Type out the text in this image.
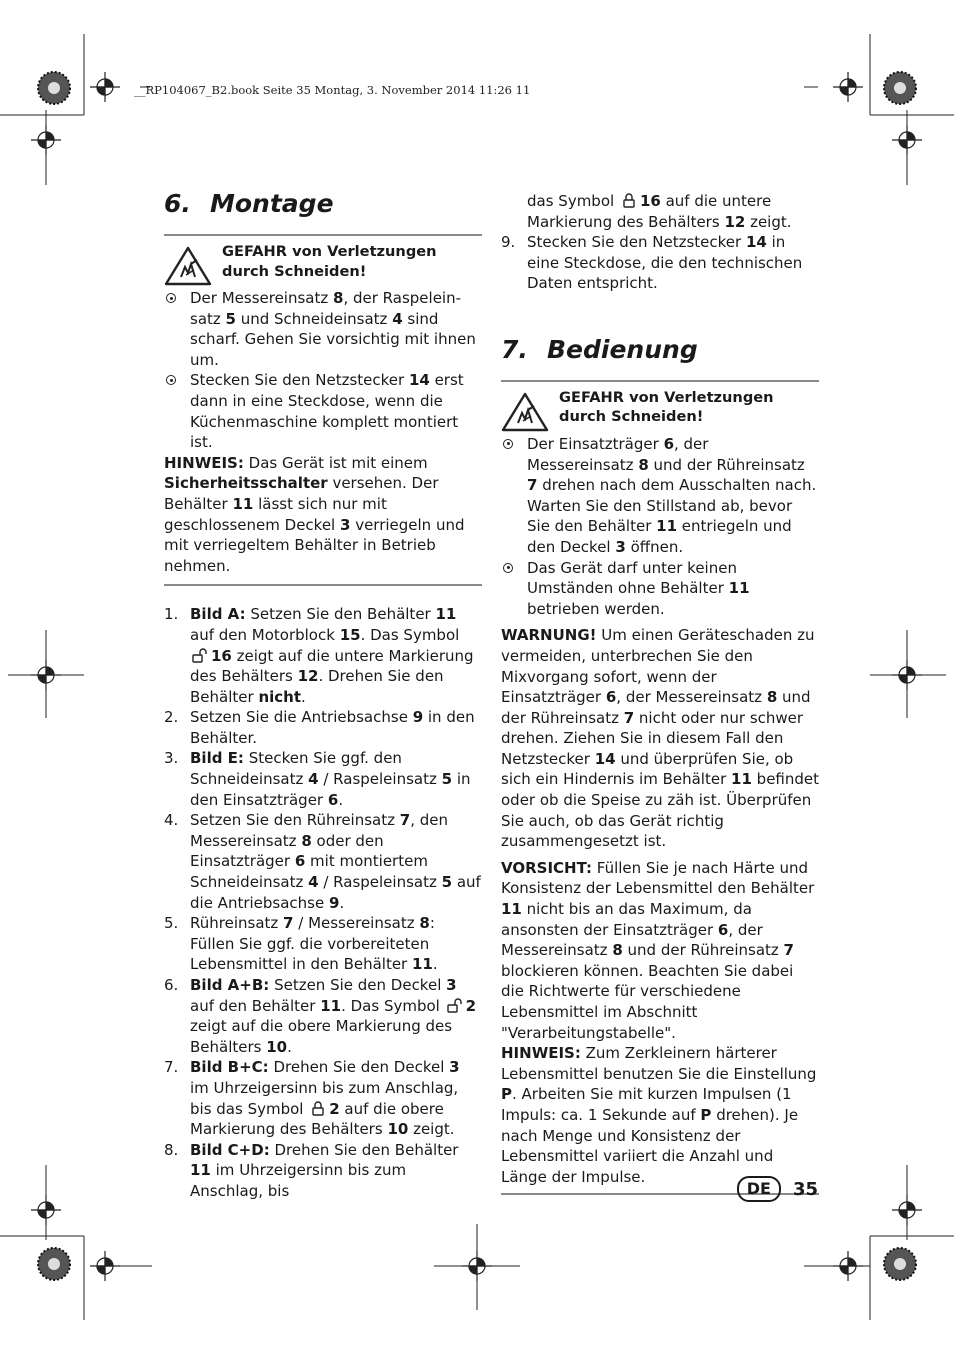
__RP104067_B2.book Seite 35 Montag, 3. November 2014 11:26 11
6. Montage
GEFAHR von Verletzungen
durch Schneiden!
Der Messereinsatz 8, der Raspelein-satz 5 und Schneideinsatz 4 sind scharf. Gehen Sie vorsichtig mit ihnen um.
Stecken Sie den Netzstecker 14 erst dann in eine Steckdose, wenn die Küchenmaschine komplett montiert ist.

HINWEIS: Das Gerät ist mit einem Sicherheitsschalter versehen. Der Behälter 11 lässt sich nur mit geschlossenem Deckel 3 verriegeln und mit verriegeltem Behälter in Betrieb nehmen.

1. Bild A: Setzen Sie den Behälter 11 auf den Motorblock 15. Das Symbol 16 zeigt auf die untere Markierung des Behälters 12. Drehen Sie den Behälter nicht.
2. Setzen Sie die Antriebsachse 9 in den Behälter.
3. Bild E: Stecken Sie ggf. den Schneideinsatz 4 / Raspeleinsatz 5 in den Einsatzträger 6.
4. Setzen Sie den Rühreinsatz 7, den Messereinsatz 8 oder den Einsatzträger 6 mit montiertem Schneideinsatz 4 / Raspeleinsatz 5 auf die Antriebsachse 9.
5. Rühreinsatz 7 / Messereinsatz 8: Füllen Sie ggf. die vorbereiteten Lebensmittel in den Behälter 11.
6. Bild A+B: Setzen Sie den Deckel 3 auf den Behälter 11. Das Symbol 2 zeigt auf die obere Markierung des Behälters 10.
7. Bild B+C: Drehen Sie den Deckel 3 im Uhrzeigersinn bis zum Anschlag, bis das Symbol 2 auf die obere Markierung des Behälters 10 zeigt.
8. Bild C+D: Drehen Sie den Behälter 11 im Uhrzeigersinn bis zum Anschlag, bis
das Symbol 16 auf die untere Markierung des Behälters 12 zeigt.
9. Stecken Sie den Netzstecker 14 in eine Steckdose, die den technischen Daten entspricht.
7. Bedienung
GEFAHR von Verletzungen
durch Schneiden!
Der Einsatzträger 6, der Messereinsatz 8 und der Rühreinsatz 7 drehen nach dem Ausschalten nach. Warten Sie den Stillstand ab, bevor Sie den Behälter 11 entriegeln und den Deckel 3 öffnen.
Das Gerät darf unter keinen Umständen ohne Behälter 11 betrieben werden.

WARNUNG! Um einen Geräteschaden zu vermeiden, unterbrechen Sie den Mixvorgang sofort, wenn der Einsatzträger 6, der Messereinsatz 8 und der Rühreinsatz 7 nicht oder nur schwer drehen. Ziehen Sie in diesem Fall den Netzstecker 14 und überprüfen Sie, ob sich ein Hindernis im Behälter 11 befindet oder ob die Speise zu zäh ist. Überprüfen Sie auch, ob das Gerät richtig zusammengesetzt ist.

VORSICHT: Füllen Sie je nach Härte und Konsistenz der Lebensmittel den Behälter 11 nicht bis an das Maximum, da ansonsten der Einsatzträger 6, der Messereinsatz 8 und der Rühreinsatz 7 blockieren können. Beachten Sie dabei die Richtwerte für verschiedene Lebensmittel im Abschnitt "Verarbeitungstabelle".

HINWEIS: Zum Zerkleinern härterer Lebensmittel benutzen Sie die Einstellung P. Arbeiten Sie mit kurzen Impulsen (1 Impuls: ca. 1 Sekunde auf P drehen). Je nach Menge und Konsistenz der Lebensmittel variiert die Anzahl und Länge der Impulse.

DE	35
